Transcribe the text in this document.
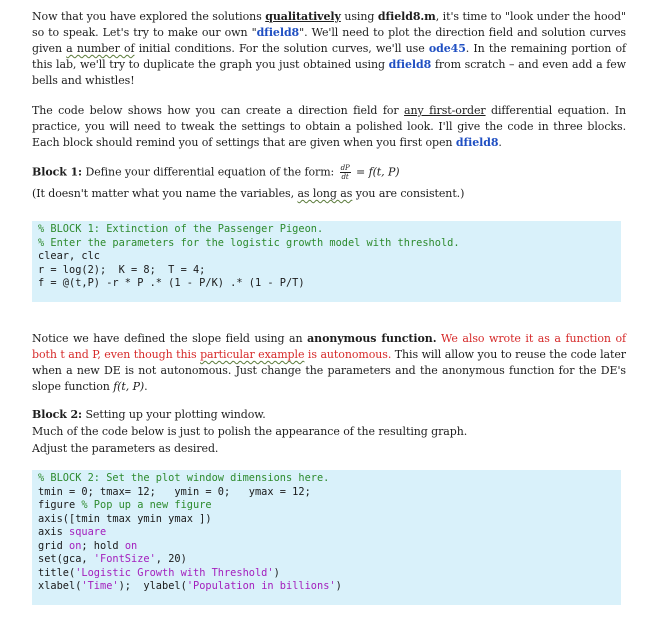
Now that you have explored the solutions qualitatively using dfield8.m, it's time to "look under the hood" so to speak. Let's try to make our own "dfield8". We'll need to plot the direction field and solution curves given a number of initial conditions. For the solution curves, we'll use ode45. In the remaining portion of this lab, we'll try to duplicate the graph you just obtained using dfield8 from scratch – and even add a few bells and whistles!
The code below shows how you can create a direction field for any first-order differential equation. In practice, you will need to tweak the settings to obtain a polished look. I'll give the code in three blocks. Each block should remind you of settings that are given when you first open dfield8.
Block 1: Define your differential equation of the form: $\frac{dP}{dt} = f(t$, P)
(It doesn't matter what you name the variables, as long as you are consistent.)
% BLOCK 1: Extinction of the Passenger Pigeon.
% Enter the parameters for the logistic growth model with threshold.
clear, clc
r = log(2);  K = 8;  T = 4;
f = @(t,P) -r * P .* (1 - P/K) .* (1 - P/T)
Notice we have defined the slope field using an anonymous function. We also wrote it as a function of both t and P, even though this particular example is autonomous. This will allow you to reuse the code later when a new DE is not autonomous. Just change the parameters and the anonymous function for the DE's slope function f(t, P).
Block 2: Setting up your plotting window.
Much of the code below is just to polish the appearance of the resulting graph.
Adjust the parameters as desired.
% BLOCK 2: Set the plot window dimensions here.
tmin = 0; tmax= 12;   ymin = 0;   ymax = 12;
figure % Pop up a new figure
axis([tmin tmax ymin ymax ])
axis square
grid on; hold on
set(gca, 'FontSize', 20)
title('Logistic Growth with Threshold')
xlabel('Time');  ylabel('Population in billions')
